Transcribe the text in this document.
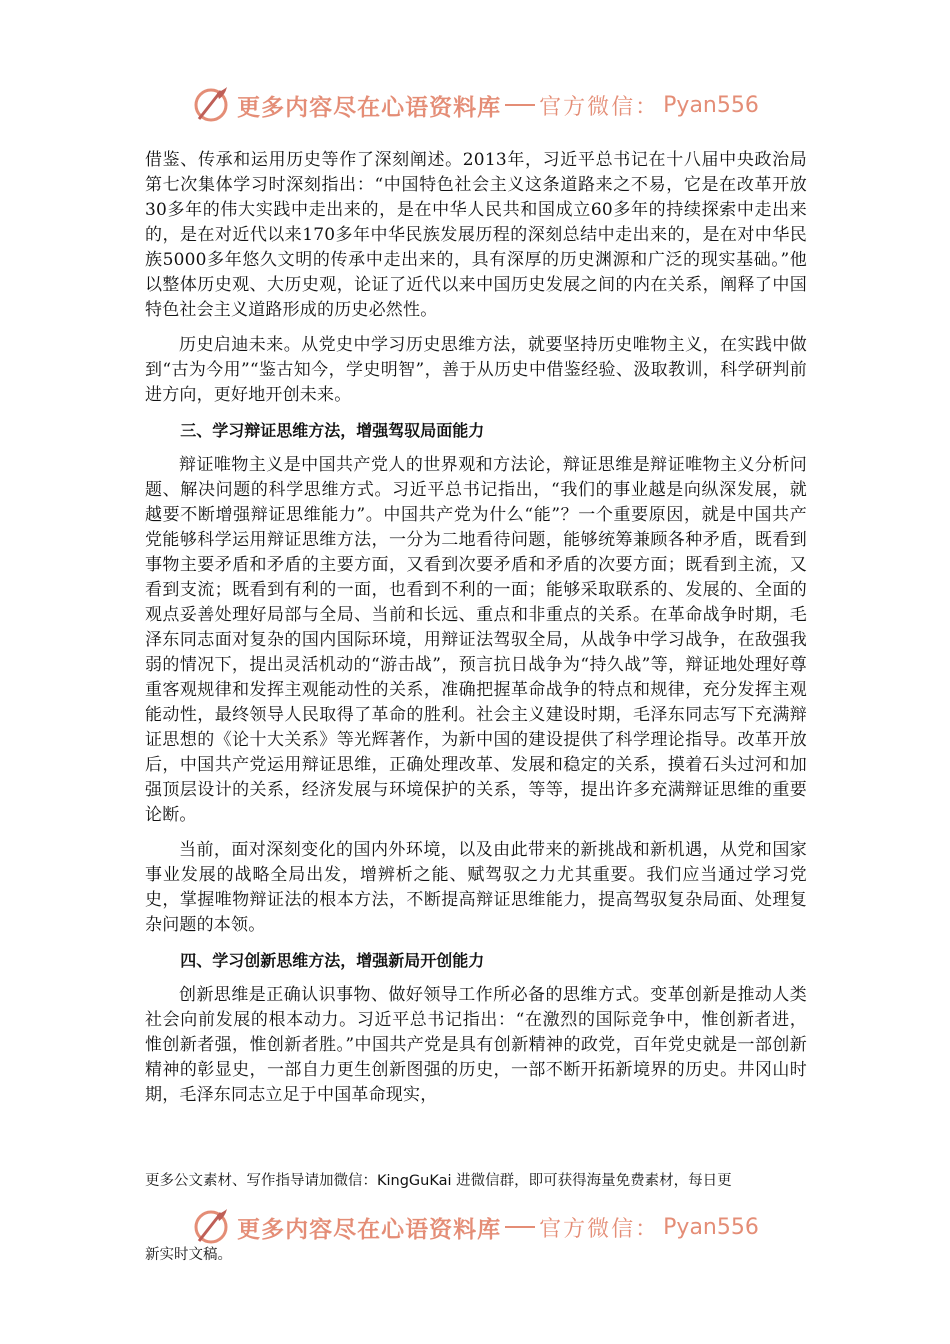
更多内容尽在心语资料库 官方微信： Pyan556

借鉴、传承和运用历史等作了深刻阐述。2013年，习近平总书记在十八届中央政治局第七次集体学习时深刻指出：“中国特色社会主义这条道路来之不易，它是在改革开放30多年的伟大实践中走出来的，是在中华人民共和国成立60多年的持续探索中走出来的，是在对近代以来170多年中华民族发展历程的深刻总结中走出来的，是在对中华民族5000多年悠久文明的传承中走出来的，具有深厚的历史渊源和广泛的现实基础。”他以整体历史观、大历史观，论证了近代以来中国历史发展之间的内在关系，阐释了中国特色社会主义道路形成的历史必然性。

历史启迪未来。从党史中学习历史思维方法，就要坚持历史唯物主义，在实践中做到“古为今用”“鉴古知今，学史明智”，善于从历史中借鉴经验、汲取教训，科学研判前进方向，更好地开创未来。

三、学习辩证思维方法，增强驾驭局面能力

辩证唯物主义是中国共产党人的世界观和方法论，辩证思维是辩证唯物主义分析问题、解决问题的科学思维方式。习近平总书记指出，“我们的事业越是向纵深发展，就越要不断增强辩证思维能力”。中国共产党为什么“能”？一个重要原因，就是中国共产党能够科学运用辩证思维方法，一分为二地看待问题，能够统筹兼顾各种矛盾，既看到事物主要矛盾和矛盾的主要方面，又看到次要矛盾和矛盾的次要方面；既看到主流，又看到支流；既看到有利的一面，也看到不利的一面；能够采取联系的、发展的、全面的观点妥善处理好局部与全局、当前和长远、重点和非重点的关系。在革命战争时期，毛泽东同志面对复杂的国内国际环境，用辩证法驾驭全局，从战争中学习战争，在敌强我弱的情况下，提出灵活机动的“游击战”，预言抗日战争为“持久战”等，辩证地处理好尊重客观规律和发挥主观能动性的关系，准确把握革命战争的特点和规律，充分发挥主观能动性，最终领导人民取得了革命的胜利。社会主义建设时期，毛泽东同志写下充满辩证思想的《论十大关系》等光辉著作，为新中国的建设提供了科学理论指导。改革开放后，中国共产党运用辩证思维，正确处理改革、发展和稳定的关系，摸着石头过河和加强顶层设计的关系，经济发展与环境保护的关系，等等，提出许多充满辩证思维的重要论断。

当前，面对深刻变化的国内外环境，以及由此带来的新挑战和新机遇，从党和国家事业发展的战略全局出发，增辨析之能、赋驾驭之力尤其重要。我们应当通过学习党史，掌握唯物辩证法的根本方法，不断提高辩证思维能力，提高驾驭复杂局面、处理复杂问题的本领。

四、学习创新思维方法，增强新局开创能力

创新思维是正确认识事物、做好领导工作所必备的思维方式。变革创新是推动人类社会向前发展的根本动力。习近平总书记指出：“在激烈的国际竞争中，惟创新者进，惟创新者强，惟创新者胜。”中国共产党是具有创新精神的政党，百年党史就是一部创新精神的彰显史，一部自力更生创新图强的历史，一部不断开拓新境界的历史。井冈山时期，毛泽东同志立足于中国革命现实，

更多公文素材、写作指导请加微信：KingGuKai 进微信群，即可获得海量免费素材，每日更
更多内容尽在心语资料库 官方微信： Pyan556
新实时文稿。
